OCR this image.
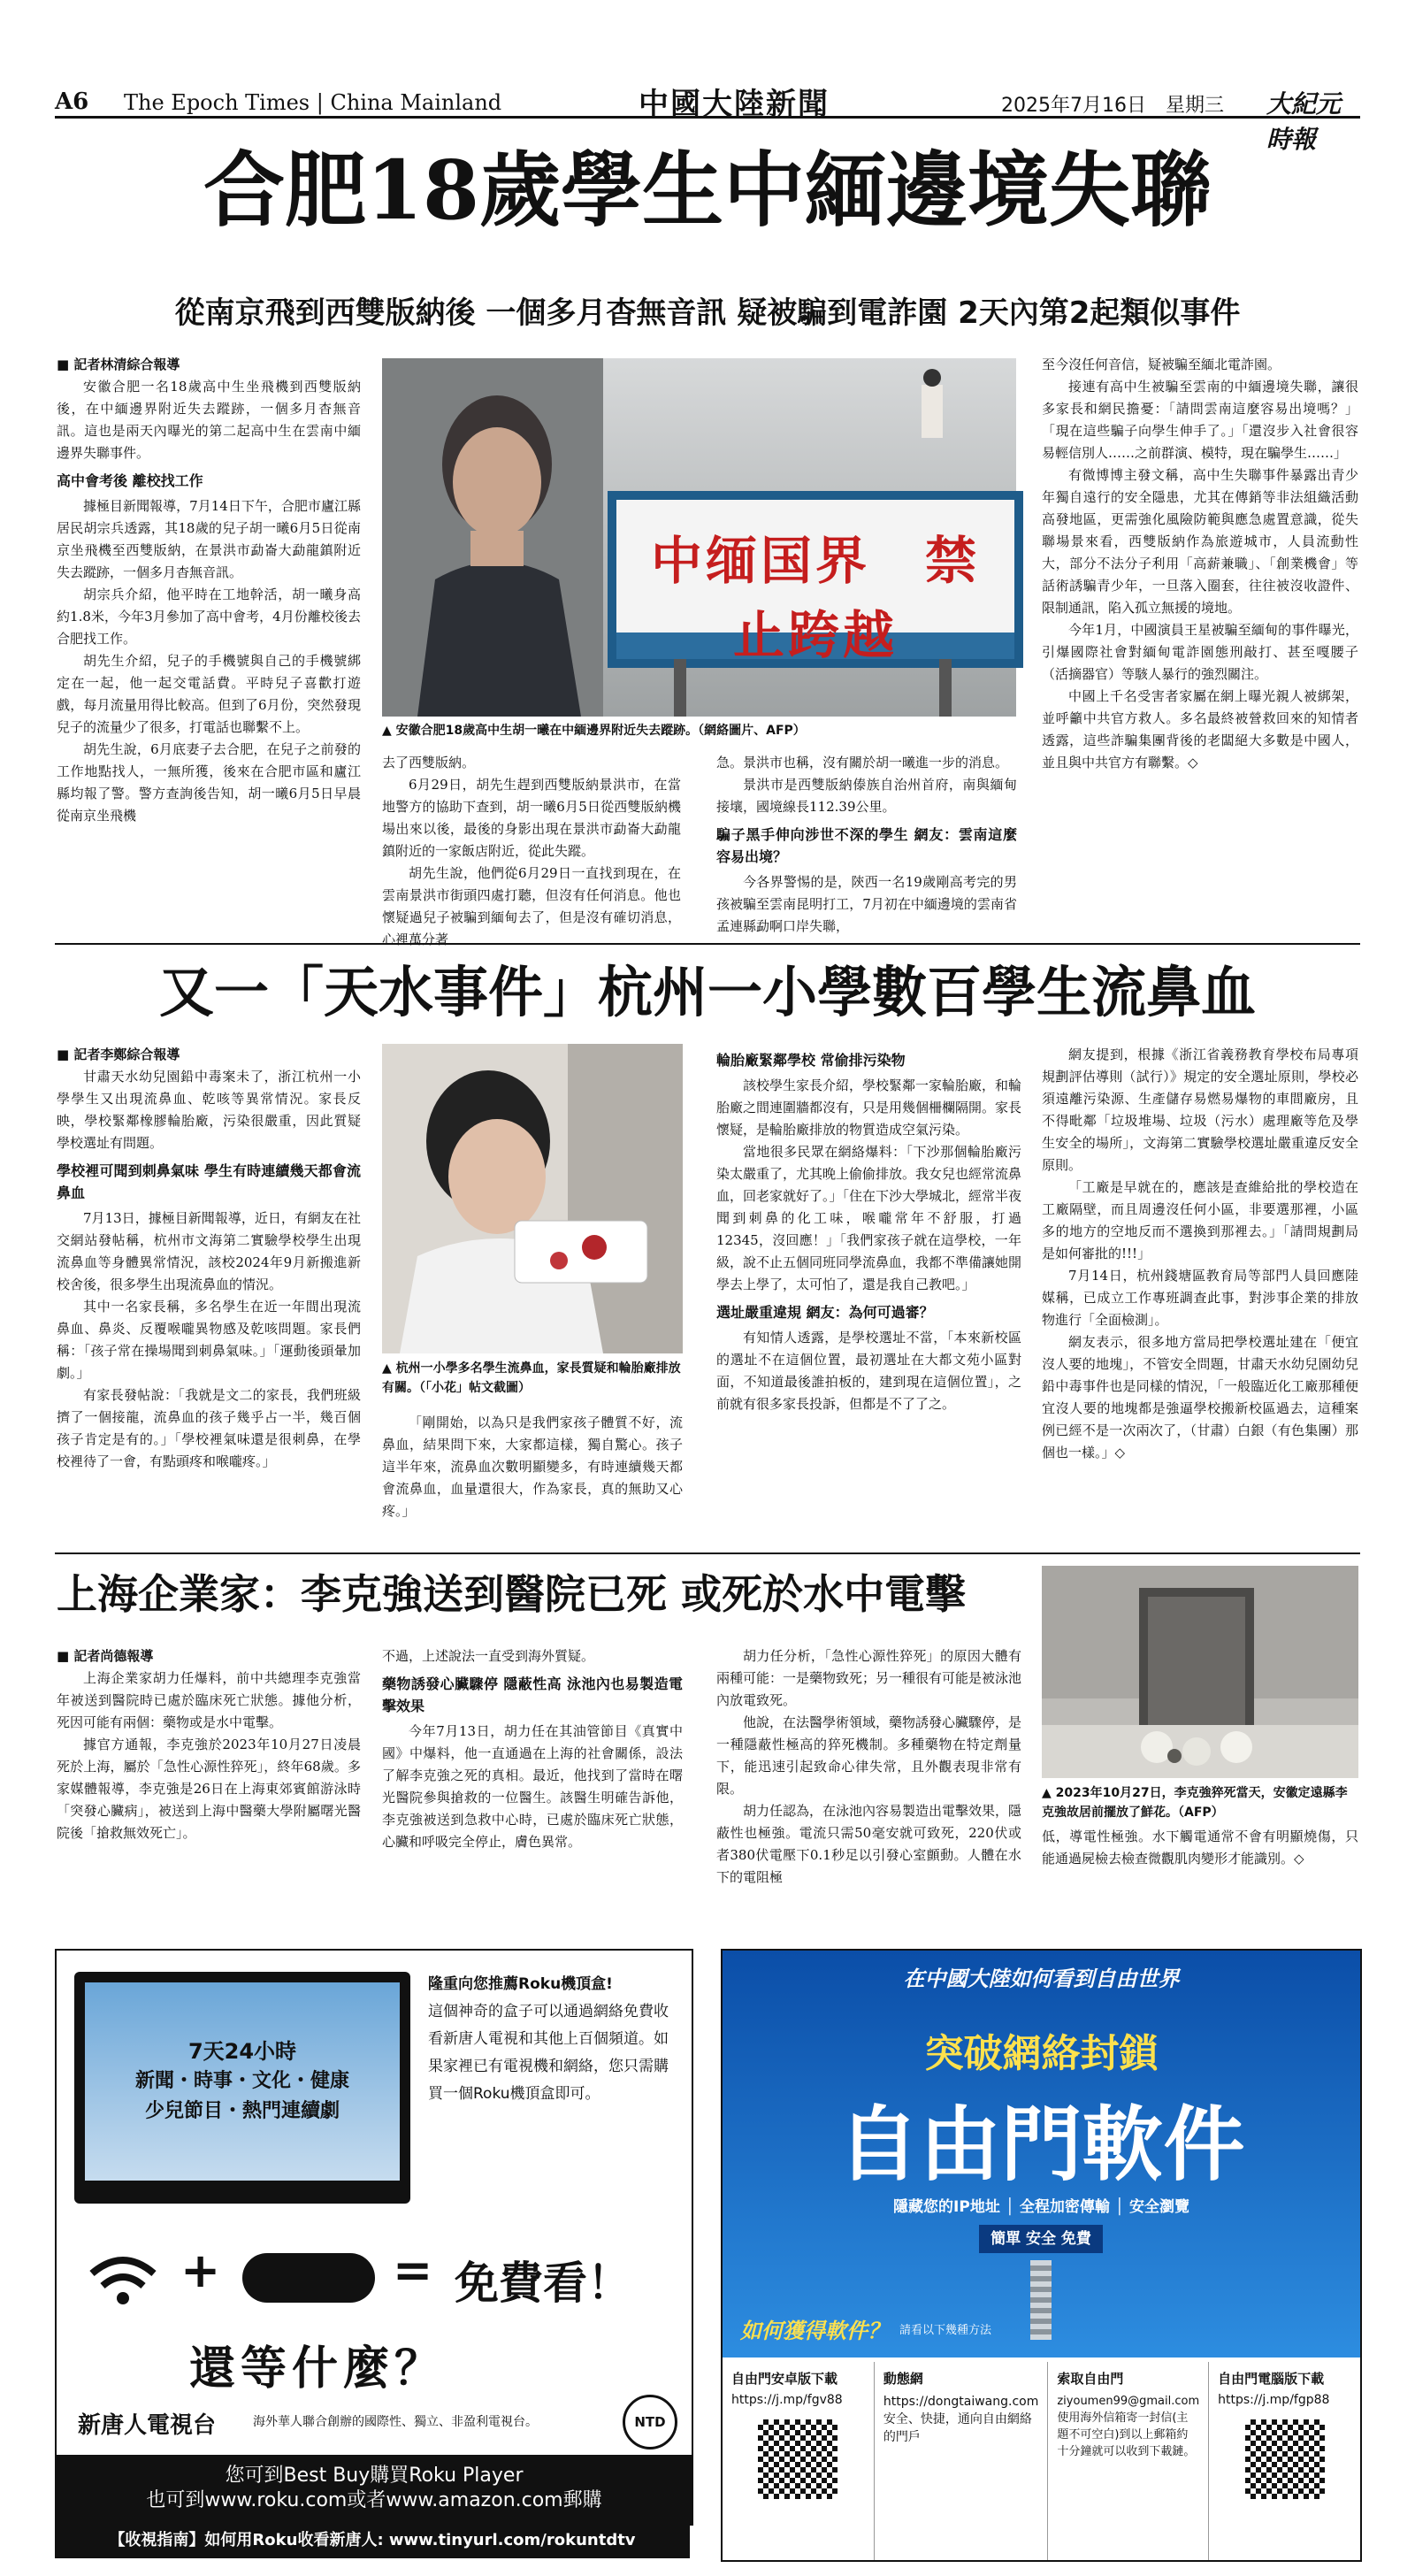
A6 The Epoch Times | China Mainland	中國大陸新聞	2025年7月16日　星期三 大紀元時報
合肥18歲學生中緬邊境失聯
從南京飛到西雙版納後 一個多月杳無音訊 疑被騙到電詐園 2天內第2起類似事件

■ 記者林清綜合報導

安徽合肥一名18歲高中生坐飛機到西雙版納後，在中緬邊界附近失去蹤跡，一個多月杳無音訊。這也是兩天內曝光的第二起高中生在雲南中緬邊界失聯事件。

高中會考後 離校找工作

據極目新聞報導，7月14日下午，合肥市廬江縣居民胡宗兵透露，其18歲的兒子胡一曦6月5日從南京坐飛機至西雙版納，在景洪市勐崙大勐龍鎮附近失去蹤跡，一個多月杳無音訊。

胡宗兵介紹，他平時在工地幹活，胡一曦身高約1.8米，今年3月參加了高中會考，4月份離校後去合肥找工作。

胡先生介紹，兒子的手機號與自己的手機號綁定在一起，他一起交電話費。平時兒子喜歡打遊戲，每月流量用得比較高。但到了6月份，突然發現兒子的流量少了很多，打電話也聯繫不上。

胡先生說，6月底妻子去合肥，在兒子之前發的工作地點找人，一無所獲，後來在合肥市區和廬江縣均報了警。警方查詢後告知，胡一曦6月5日早晨從南京坐飛機

中缅国界　禁止跨越
▲ 安徽合肥18歲高中生胡一曦在中緬邊界附近失去蹤跡。（網絡圖片、AFP）

去了西雙版納。

6月29日，胡先生趕到西雙版納景洪市，在當地警方的協助下查到，胡一曦6月5日從西雙版納機場出來以後，最後的身影出現在景洪市勐崙大勐龍鎮附近的一家飯店附近，從此失蹤。

胡先生說，他們從6月29日一直找到現在，在雲南景洪市街頭四處打聽，但沒有任何消息。他也懷疑過兒子被騙到緬甸去了，但是沒有確切消息，心裡萬分著

急。景洪市也稱，沒有關於胡一曦進一步的消息。

景洪市是西雙版納傣族自治州首府，南與緬甸接壤，國境線長112.39公里。

騙子黑手伸向涉世不深的學生 網友：雲南這麼容易出境？

今各界警惕的是，陝西一名19歲剛高考完的男孩被騙至雲南昆明打工，7月初在中緬邊境的雲南省孟連縣勐啊口岸失聯，

至今沒任何音信，疑被騙至緬北電詐園。

接連有高中生被騙至雲南的中緬邊境失聯，讓很多家長和網民擔憂：「請問雲南這麼容易出境嗎？」「現在這些騙子向學生伸手了。」「還沒步入社會很容易輕信別人……之前群演、模特，現在騙學生……」

有微博博主發文稱，高中生失聯事件暴露出青少年獨自遠行的安全隱患，尤其在傳銷等非法組織活動高發地區，更需強化風險防範與應急處置意識，從失聯場景來看，西雙版納作為旅遊城市，人員流動性大，部分不法分子利用「高薪兼職」、「創業機會」等話術誘騙青少年，一旦落入圈套，往往被沒收證件、限制通訊，陷入孤立無援的境地。

今年1月，中國演員王星被騙至緬甸的事件曝光，引爆國際社會對緬甸電詐園態刑敲打、甚至嘎腰子（活摘器官）等駭人暴行的強烈關注。

中國上千名受害者家屬在網上曝光親人被綁架，並呼籲中共官方救人。多名最終被營救回來的知情者透露，這些詐騙集團背後的老闆絕大多數是中國人，並且與中共官方有聯繫。◇

又一「天水事件」杭州一小學數百學生流鼻血

■ 記者李鄭綜合報導

甘肅天水幼兒園鉛中毒案未了，浙江杭州一小學學生又出現流鼻血、乾咳等異常情況。家長反映，學校緊鄰橡膠輪胎廠，污染很嚴重，因此質疑學校選址有問題。

學校裡可聞到刺鼻氣味 學生有時連續幾天都會流鼻血

7月13日，據極目新聞報導，近日，有網友在社交網站發帖稱，杭州市文海第二實驗學校學生出現流鼻血等身體異常情況，該校2024年9月新搬進新校舍後，很多學生出現流鼻血的情況。

其中一名家長稱，多名學生在近一年間出現流鼻血、鼻炎、反覆喉嚨異物感及乾咳問題。家長們稱：「孩子常在操場聞到刺鼻氣味。」「運動後頭暈加劇。」

有家長發帖說：「我就是文二的家長，我們班級擠了一個接龍，流鼻血的孩子幾乎占一半，幾百個孩子肯定是有的。」「學校裡氣味還是很刺鼻，在學校裡待了一會，有點頭疼和喉嚨疼。」

▲ 杭州一小學多名學生流鼻血，家長質疑和輪胎廠排放有關。（「小花」帖文截圖）

「剛開始，以為只是我們家孩子體質不好，流鼻血，結果問下來，大家都這樣，獨自驚心。孩子這半年來，流鼻血次數明顯變多，有時連續幾天都會流鼻血，血量還很大，作為家長，真的無助又心疼。」

輪胎廠緊鄰學校 常偷排污染物

該校學生家長介紹，學校緊鄰一家輪胎廠，和輪胎廠之間連圍牆都沒有，只是用幾個柵欄隔開。家長懷疑，是輪胎廠排放的物質造成空氣污染。

當地很多民眾在網絡爆料：「下沙那個輪胎廠污染太嚴重了，尤其晚上偷偷排放。我女兒也經常流鼻血，回老家就好了。」「住在下沙大學城北，經常半夜聞到刺鼻的化工味，喉嚨常年不舒服，打過12345，沒回應！」「我們家孩子就在這學校，一年級，說不止五個同班同學流鼻血，我都不準備讓她開學去上學了，太可怕了，還是我自己教吧。」

選址嚴重違規 網友：為何可過審？

有知情人透露，是學校選址不當，「本來新校區的選址不在這個位置，最初選址在大都文苑小區對面，不知道最後誰拍板的，建到現在這個位置」，之前就有很多家長投訴，但都是不了了之。

網友提到，根據《浙江省義務教育學校布局專項規劃評估導則（試行）》規定的安全選址原則，學校必須遠離污染源、生產儲存易燃易爆物的車間廠房，且不得毗鄰「垃圾堆場、垃圾（污水）處理廠等危及學生安全的場所」，文海第二實驗學校選址嚴重違反安全原則。

「工廠是早就在的，應該是查維給批的學校造在工廠隔壁，而且周邊沒任何小區，非要選那裡，小區多的地方的空地反而不選換到那裡去。」「請問規劃局是如何審批的!!!」

7月14日，杭州錢塘區教育局等部門人員回應陸媒稱，已成立工作專班調查此事，對涉事企業的排放物進行「全面檢測」。

網友表示，很多地方當局把學校選址建在「便宜沒人要的地塊」，不管安全問題，甘肅天水幼兒園幼兒鉛中毒事件也是同樣的情況，「一般臨近化工廠那種便宜沒人要的地塊都是強逼學校搬新校區過去，這種案例已經不是一次兩次了，（甘肅）白銀（有色集團）那個也一樣。」◇

上海企業家：李克強送到醫院已死 或死於水中電擊

■ 記者尚德報導

上海企業家胡力任爆料，前中共總理李克強當年被送到醫院時已處於臨床死亡狀態。據他分析，死因可能有兩個：藥物或是水中電擊。

據官方通報，李克強於2023年10月27日凌晨死於上海，屬於「急性心源性猝死」，終年68歲。多家媒體報導，李克強是26日在上海東郊賓館游泳時「突發心臟病」，被送到上海中醫藥大學附屬曙光醫院後「搶救無效死亡」。

不過，上述說法一直受到海外質疑。

藥物誘發心臟驟停 隱蔽性高 泳池內也易製造電擊效果

今年7月13日，胡力任在其油管節目《真實中國》中爆料，他一直通過在上海的社會關係，設法了解李克強之死的真相。最近，他找到了當時在曙光醫院參與搶救的一位醫生。該醫生明確告訴他，李克強被送到急救中心時，已處於臨床死亡狀態，心臟和呼吸完全停止，膚色異常。

胡力任分析，「急性心源性猝死」的原因大體有兩種可能：一是藥物致死；另一種很有可能是被泳池內放電致死。

他說，在法醫學術領域，藥物誘發心臟驟停，是一種隱蔽性極高的猝死機制。多種藥物在特定劑量下，能迅速引起致命心律失常，且外觀表現非常有限。

胡力任認為，在泳池內容易製造出電擊效果，隱蔽性也極強。電流只需50毫安就可致死，220伏或者380伏電壓下0.1秒足以引發心室顫動。人體在水下的電阻極

▲ 2023年10月27日，李克強猝死當天，安徽定遠縣李克強故居前擺放了鮮花。（AFP）

低，導電性極強。水下觸電通常不會有明顯燒傷，只能通過屍檢去檢查微觀肌肉變形才能識別。◇

7天24小時
新聞・時事・文化・健康
少兒節目・熱門連續劇
隆重向您推薦Roku機頂盒!
這個神奇的盒子可以通過網絡免費收看新唐人電視和其他上百個頻道。如果家裡已有電視機和網絡，您只需購買一個Roku機頂盒即可。
+	= 免費看！
還等什麼？
新唐人電視台	海外華人聯合創辦的國際性、獨立、非盈利電視台。	NTD
您可到Best Buy購買Roku Player
也可到www.roku.com或者www.amazon.com郵購
【收視指南】如何用Roku收看新唐人: www.tinyurl.com/rokuntdtv
在中國大陸如何看到自由世界
突破網絡封鎖
自由門軟件
隱藏您的IP地址 │ 全程加密傳輸 │ 安全瀏覽
簡單 安全 免費
如何獲得軟件？ 請看以下幾種方法
自由門安卓版下載
https://j.mp/fgv88
動態網
https://dongtaiwang.com 安全、快捷，通向自由網絡的門戶
索取自由門
ziyoumen99@gmail.com 使用海外信箱寄一封信(主題不可空白)到以上郵箱約十分鐘就可以收到下載鏈。
自由門電腦版下載
https://j.mp/fgp88
